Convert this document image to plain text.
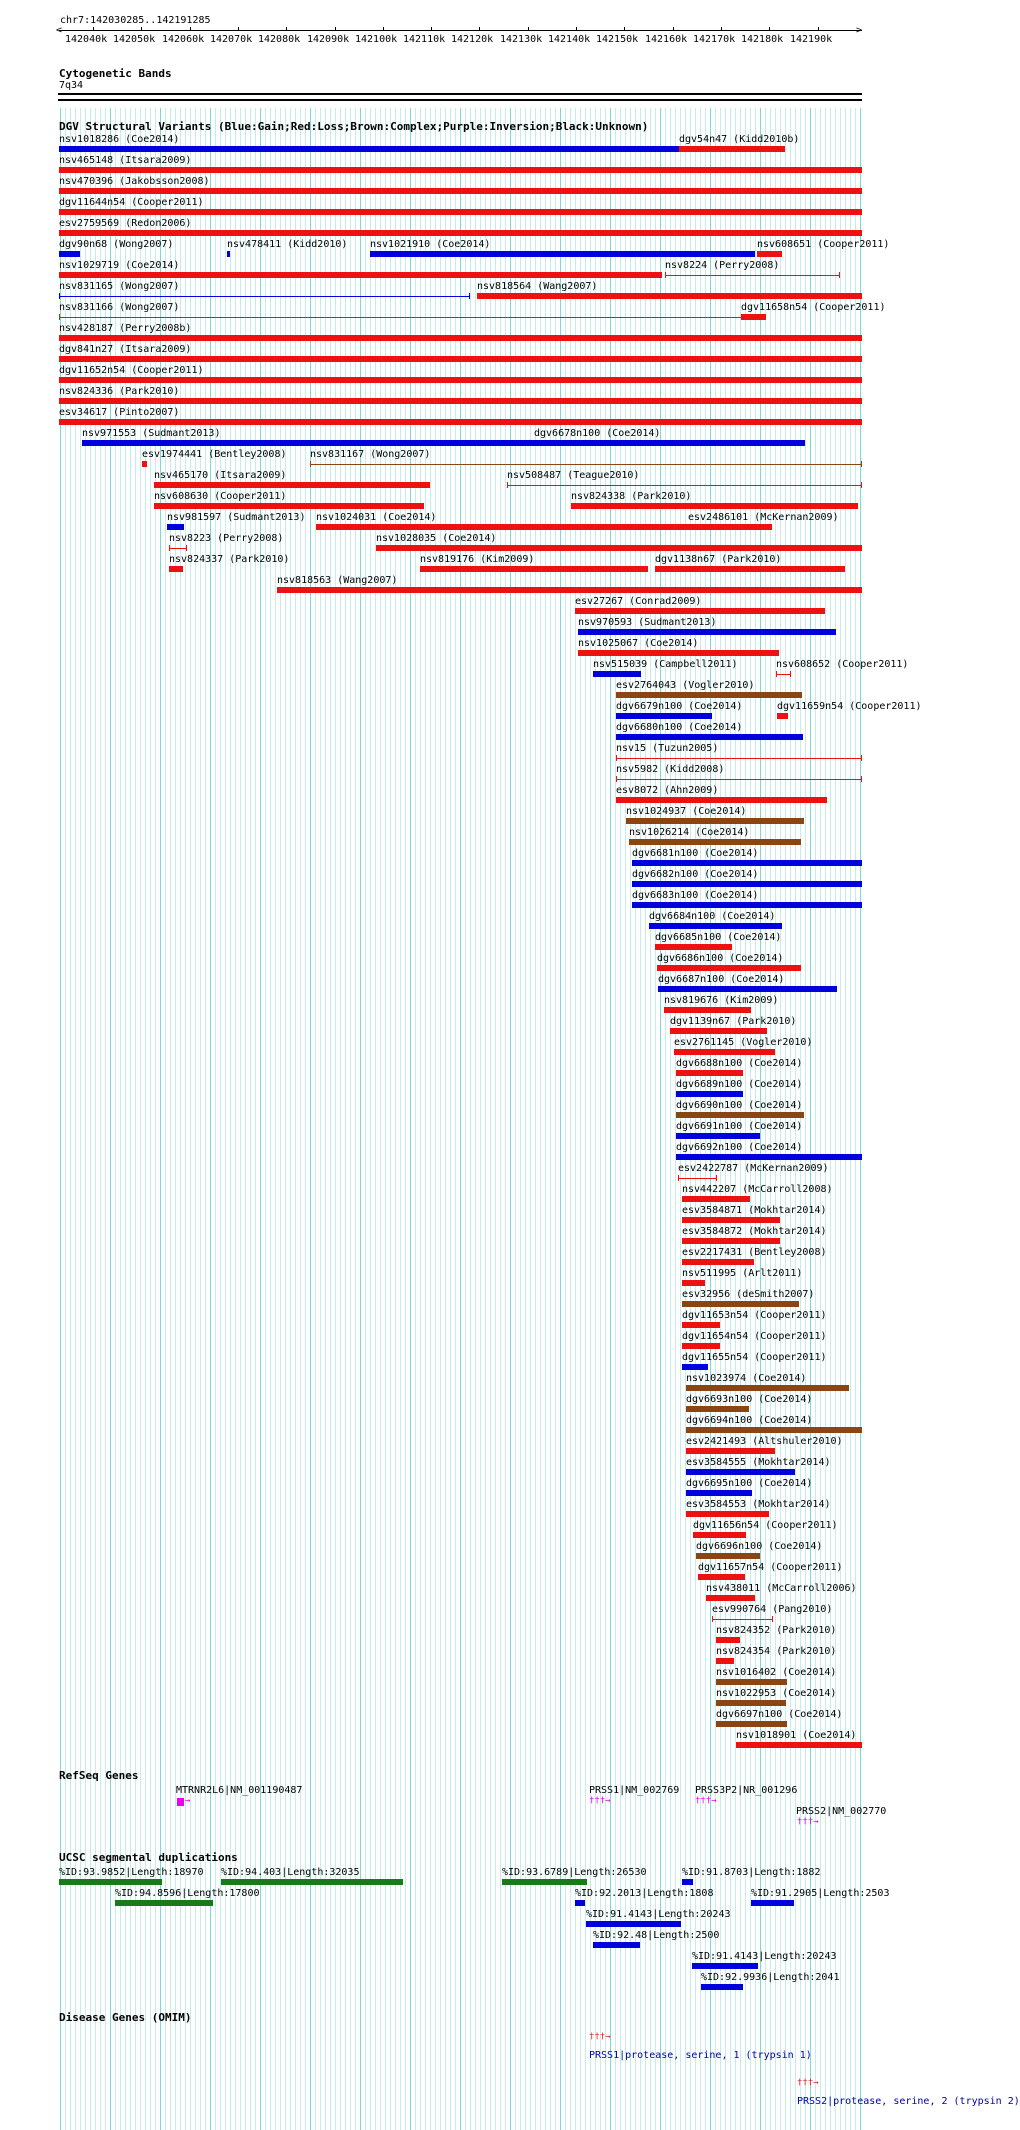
chr7:142030285..142191285
<	>
142040k 142050k 142060k 142070k 142080k 142090k 142100k 142110k 142120k 142130k 142140k 142150k 142160k 142170k 142180k 142190k
Cytogenetic Bands
7q34
DGV Structural Variants (Blue:Gain;Red:Loss;Brown:Complex;Purple:Inversion;Black:Unknown)
nsv1018286 (Coe2014)	dgv54n47 (Kidd2010b)
nsv465148 (Itsara2009)
nsv470396 (Jakobsson2008)
dgv11644n54 (Cooper2011)
esv2759569 (Redon2006)
dgv90n68 (Wong2007)	nsv478411 (Kidd2010) nsv1021910 (Coe2014)	nsv608651 (Cooper2011)
nsv1029719 (Coe2014)	nsv8224 (Perry2008)
nsv831165 (Wong2007)	nsv818564 (Wang2007)
nsv831166 (Wong2007)	dgv11658n54 (Cooper2011)
nsv428187 (Perry2008b)
dgv841n27 (Itsara2009)
dgv11652n54 (Cooper2011)
nsv824336 (Park2010)
esv34617 (Pinto2007)
nsv971553 (Sudmant2013)	dgv6678n100 (Coe2014)
esv1974441 (Bentley2008) nsv831167 (Wong2007)
nsv465170 (Itsara2009)	nsv508487 (Teague2010)
nsv608630 (Cooper2011)	nsv824338 (Park2010)
nsv981597 (Sudmant2013) nsv1024031 (Coe2014)	esv2486101 (McKernan2009)
nsv8223 (Perry2008)	nsv1028035 (Coe2014)
nsv824337 (Park2010)	nsv819176 (Kim2009)	dgv1138n67 (Park2010)
nsv818563 (Wang2007)
esv27267 (Conrad2009)
nsv970593 (Sudmant2013)
nsv1025067 (Coe2014)
nsv515039 (Campbell2011)	nsv608652 (Cooper2011)
esv2764043 (Vogler2010)
dgv6679n100 (Coe2014)	dgv11659n54 (Cooper2011)
dgv6680n100 (Coe2014)
nsv15 (Tuzun2005)
nsv5982 (Kidd2008)
esv8072 (Ahn2009)
nsv1024937 (Coe2014)
nsv1026214 (Coe2014)
dgv6681n100 (Coe2014)
dgv6682n100 (Coe2014)
dgv6683n100 (Coe2014)
dgv6684n100 (Coe2014)
dgv6685n100 (Coe2014)
dgv6686n100 (Coe2014)
dgv6687n100 (Coe2014)
nsv819676 (Kim2009)
dgv1139n67 (Park2010)
esv2761145 (Vogler2010)
dgv6688n100 (Coe2014)
dgv6689n100 (Coe2014)
dgv6690n100 (Coe2014)
dgv6691n100 (Coe2014)
dgv6692n100 (Coe2014)
esv2422787 (McKernan2009)
nsv442207 (McCarroll2008)
esv3584871 (Mokhtar2014)
esv3584872 (Mokhtar2014)
esv2217431 (Bentley2008)
nsv511995 (Arlt2011)
esv32956 (deSmith2007)
dgv11653n54 (Cooper2011)
dgv11654n54 (Cooper2011)
dgv11655n54 (Cooper2011)
nsv1023974 (Coe2014)
dgv6693n100 (Coe2014)
dgv6694n100 (Coe2014)
esv2421493 (Altshuler2010)
esv3584555 (Mokhtar2014)
dgv6695n100 (Coe2014)
esv3584553 (Mokhtar2014)
dgv11656n54 (Cooper2011)
dgv6696n100 (Coe2014)
dgv11657n54 (Cooper2011)
nsv438011 (McCarroll2006)
esv990764 (Pang2010)
nsv824352 (Park2010)
nsv824354 (Park2010)
nsv1016402 (Coe2014)
nsv1022953 (Coe2014)
dgv6697n100 (Coe2014)
nsv1018901 (Coe2014)
RefSeq Genes
MTRNR2L6|NM_001190487
→
PRSS1|NM_002769
†††→
PRSS3P2|NR_001296
†††→
PRSS2|NM_002770
†††→
UCSC segmental duplications
%ID:93.9852|Length:18970 %ID:94.403|Length:32035	%ID:93.6789|Length:26530	%ID:91.8703|Length:1882
%ID:94.8596|Length:17800	%ID:92.2013|Length:1808	%ID:91.2905|Length:2503
%ID:91.4143|Length:20243
%ID:92.48|Length:2500
%ID:91.4143|Length:20243
%ID:92.9936|Length:2041
Disease Genes (OMIM)
†††→
PRSS1|protease, serine, 1 (trypsin 1)
†††→
PRSS2|protease, serine, 2 (trypsin 2)
